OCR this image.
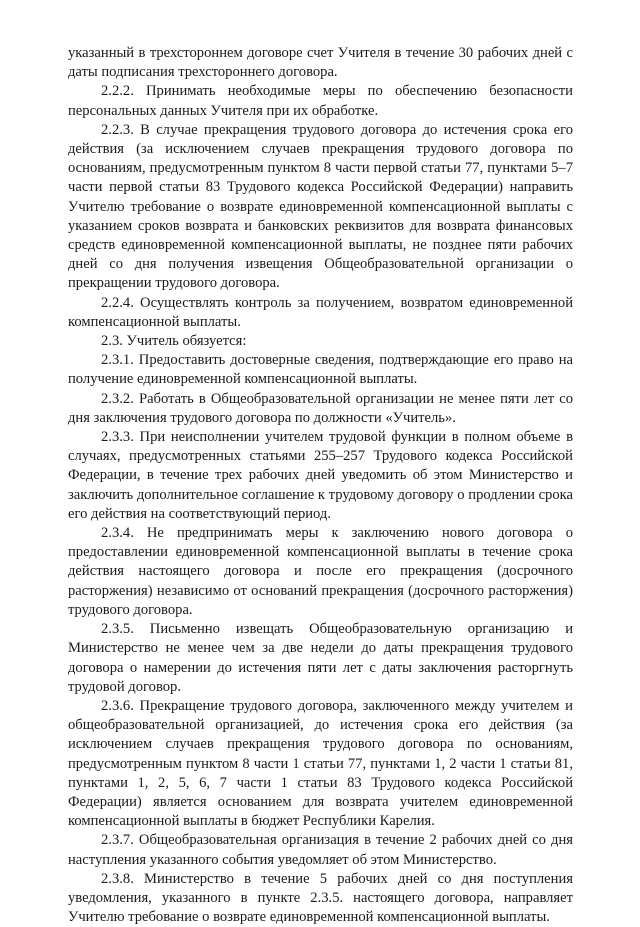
указанный в трехстороннем договоре счет Учителя в течение 30 рабочих дней с даты подписания трехстороннего договора.

2.2.2. Принимать необходимые меры по обеспечению безопасности персональных данных Учителя при их обработке.

2.2.3. В случае прекращения трудового договора до истечения срока его действия (за исключением случаев прекращения трудового договора по основаниям, предусмотренным пунктом 8 части первой статьи 77, пунктами 5–7 части первой статьи 83 Трудового кодекса Российской Федерации) направить Учителю требование о возврате единовременной компенсационной выплаты с указанием сроков возврата и банковских реквизитов для возврата финансовых средств единовременной компенсационной выплаты, не позднее пяти рабочих дней со дня получения извещения Общеобразовательной организации о прекращении трудового договора.

2.2.4. Осуществлять контроль за получением, возвратом единовременной компенсационной выплаты.

2.3. Учитель обязуется:

2.3.1. Предоставить достоверные сведения, подтверждающие его право на получение единовременной компенсационной выплаты.

2.3.2. Работать в Общеобразовательной организации не менее пяти лет со дня заключения трудового договора по должности «Учитель».

2.3.3. При неисполнении учителем трудовой функции в полном объеме в случаях, предусмотренных статьями 255–257 Трудового кодекса Российской Федерации, в течение трех рабочих дней уведомить об этом Министерство и заключить дополнительное соглашение к трудовому договору о продлении срока его действия на соответствующий период.

2.3.4. Не предпринимать меры к заключению нового договора о предоставлении единовременной компенсационной выплаты в течение срока действия настоящего договора и после его прекращения (досрочного расторжения) независимо от оснований прекращения (досрочного расторжения) трудового договора.

2.3.5. Письменно извещать Общеобразовательную организацию и Министерство не менее чем за две недели до даты прекращения трудового договора о намерении до истечения пяти лет с даты заключения расторгнуть трудовой договор.

2.3.6. Прекращение трудового договора, заключенного между учителем и общеобразовательной организацией, до истечения срока его действия (за исключением случаев прекращения трудового договора по основаниям, предусмотренным пунктом 8 части 1 статьи 77, пунктами 1, 2 части 1 статьи 81, пунктами 1, 2, 5, 6, 7 части 1 статьи 83 Трудового кодекса Российской Федерации) является основанием для возврата учителем единовременной компенсационной выплаты в бюджет Республики Карелия.

2.3.7. Общеобразовательная организация в течение 2 рабочих дней со дня наступления указанного события уведомляет об этом Министерство.

2.3.8. Министерство в течение 5 рабочих дней со дня поступления уведомления, указанного в пункте 2.3.5. настоящего договора, направляет Учителю требование о возврате единовременной компенсационной выплаты.
